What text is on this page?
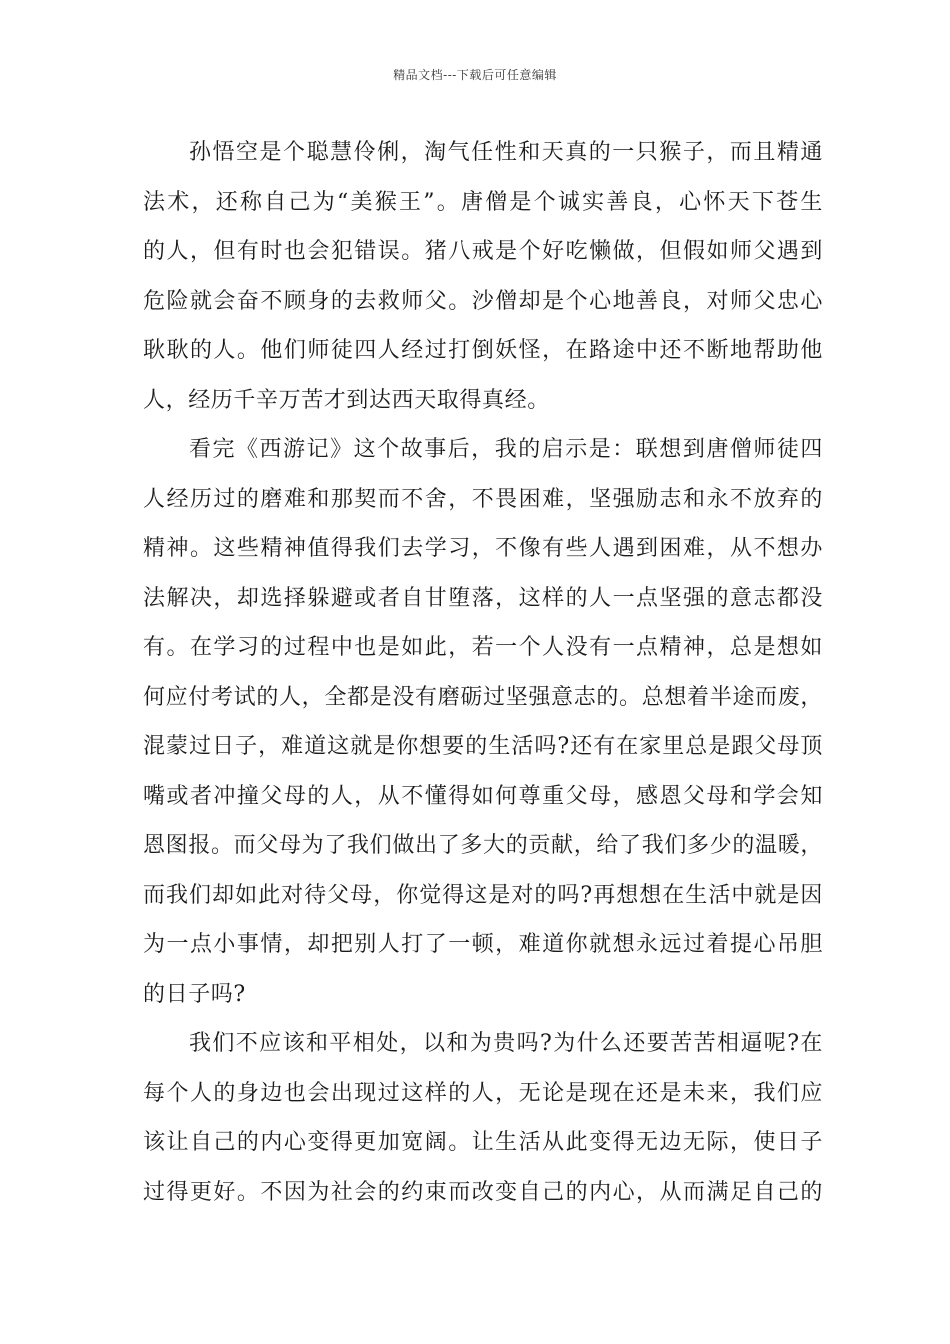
精品文档---下载后可任意编辑
孙悟空是个聪慧伶俐，淘气任性和天真的一只猴子，而且精通
法术，还称自己为“美猴王”。唐僧是个诚实善良，心怀天下苍生
的人，但有时也会犯错误。猪八戒是个好吃懒做，但假如师父遇到
危险就会奋不顾身的去救师父。沙僧却是个心地善良，对师父忠心
耿耿的人。他们师徒四人经过打倒妖怪，在路途中还不断地帮助他
人，经历千辛万苦才到达西天取得真经。
看完《西游记》这个故事后，我的启示是：联想到唐僧师徒四
人经历过的磨难和那契而不舍，不畏困难，坚强励志和永不放弃的
精神。这些精神值得我们去学习，不像有些人遇到困难，从不想办
法解决，却选择躲避或者自甘堕落，这样的人一点坚强的意志都没
有。在学习的过程中也是如此，若一个人没有一点精神，总是想如
何应付考试的人，全都是没有磨砺过坚强意志的。总想着半途而废，
混蒙过日子，难道这就是你想要的生活吗?还有在家里总是跟父母顶
嘴或者冲撞父母的人，从不懂得如何尊重父母，感恩父母和学会知
恩图报。而父母为了我们做出了多大的贡献，给了我们多少的温暖，
而我们却如此对待父母，你觉得这是对的吗?再想想在生活中就是因
为一点小事情，却把别人打了一顿，难道你就想永远过着提心吊胆
的日子吗?
我们不应该和平相处，以和为贵吗?为什么还要苦苦相逼呢?在
每个人的身边也会出现过这样的人，无论是现在还是未来，我们应
该让自己的内心变得更加宽阔。让生活从此变得无边无际，使日子
过得更好。不因为社会的约束而改变自己的内心，从而满足自己的
